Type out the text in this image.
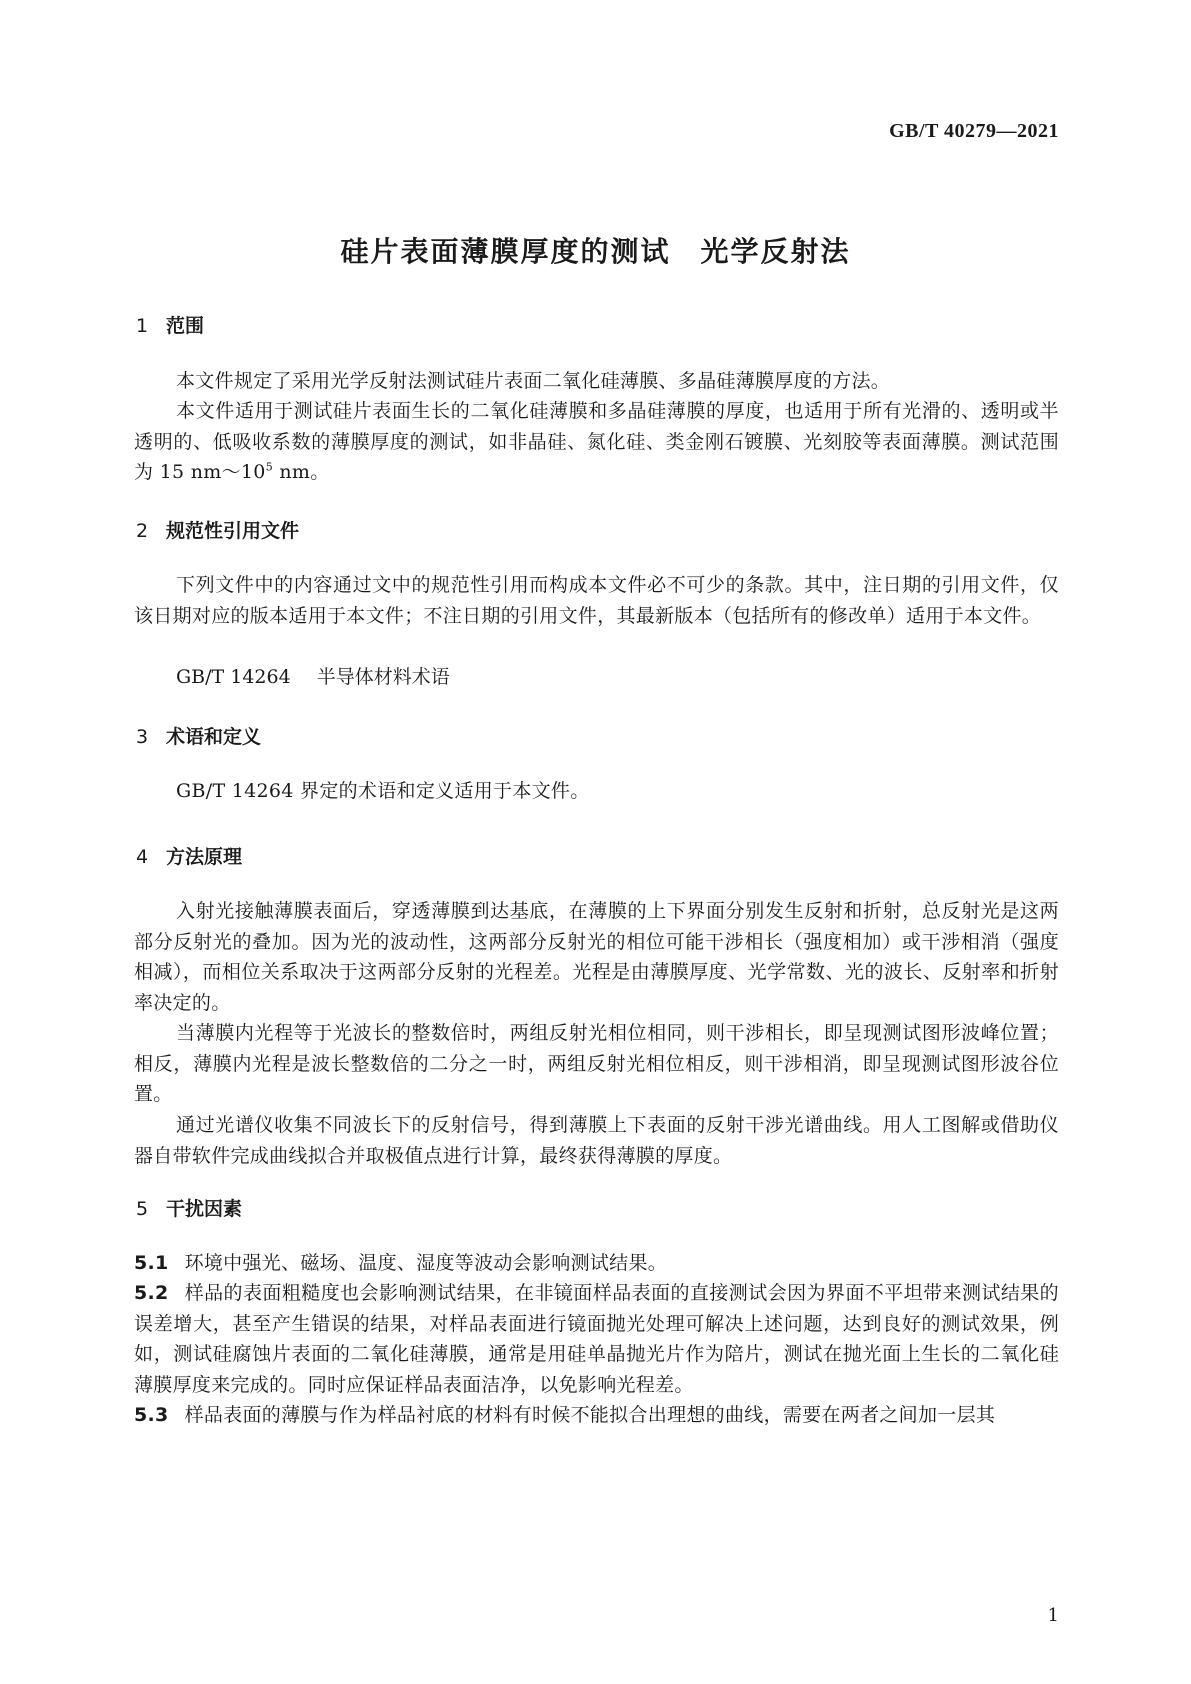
GB/T 40279—2021
硅片表面薄膜厚度的测试　光学反射法
1 范围
本文件规定了采用光学反射法测试硅片表面二氧化硅薄膜、多晶硅薄膜厚度的方法。
本文件适用于测试硅片表面生长的二氧化硅薄膜和多晶硅薄膜的厚度，也适用于所有光滑的、透明或半透明的、低吸收系数的薄膜厚度的测试，如非晶硅、氮化硅、类金刚石镀膜、光刻胶等表面薄膜。测试范围为 15 $nm\sim 10^5$ nm。
2 规范性引用文件
下列文件中的内容通过文中的规范性引用而构成本文件必不可少的条款。其中，注日期的引用文件，仅该日期对应的版本适用于本文件；不注日期的引用文件，其最新版本（包括所有的修改单）适用于本文件。
GB/T 14264 半导体材料术语
3 术语和定义
GB/T 14264 界定的术语和定义适用于本文件。
4 方法原理
入射光接触薄膜表面后，穿透薄膜到达基底，在薄膜的上下界面分别发生反射和折射，总反射光是这两部分反射光的叠加。因为光的波动性，这两部分反射光的相位可能干涉相长（强度相加）或干涉相消（强度相减），而相位关系取决于这两部分反射的光程差。光程是由薄膜厚度、光学常数、光的波长、反射率和折射率决定的。
当薄膜内光程等于光波长的整数倍时，两组反射光相位相同，则干涉相长，即呈现测试图形波峰位置；相反，薄膜内光程是波长整数倍的二分之一时，两组反射光相位相反，则干涉相消，即呈现测试图形波谷位置。
通过光谱仪收集不同波长下的反射信号，得到薄膜上下表面的反射干涉光谱曲线。用人工图解或借助仪器自带软件完成曲线拟合并取极值点进行计算，最终获得薄膜的厚度。
5 干扰因素
5.1 环境中强光、磁场、温度、湿度等波动会影响测试结果。
5.2 样品的表面粗糙度也会影响测试结果，在非镜面样品表面的直接测试会因为界面不平坦带来测试结果的误差增大，甚至产生错误的结果，对样品表面进行镜面抛光处理可解决上述问题，达到良好的测试效果，例如，测试硅腐蚀片表面的二氧化硅薄膜，通常是用硅单晶抛光片作为陪片，测试在抛光面上生长的二氧化硅薄膜厚度来完成的。同时应保证样品表面洁净，以免影响光程差。
5.3 样品表面的薄膜与作为样品衬底的材料有时候不能拟合出理想的曲线，需要在两者之间加一层其
1
